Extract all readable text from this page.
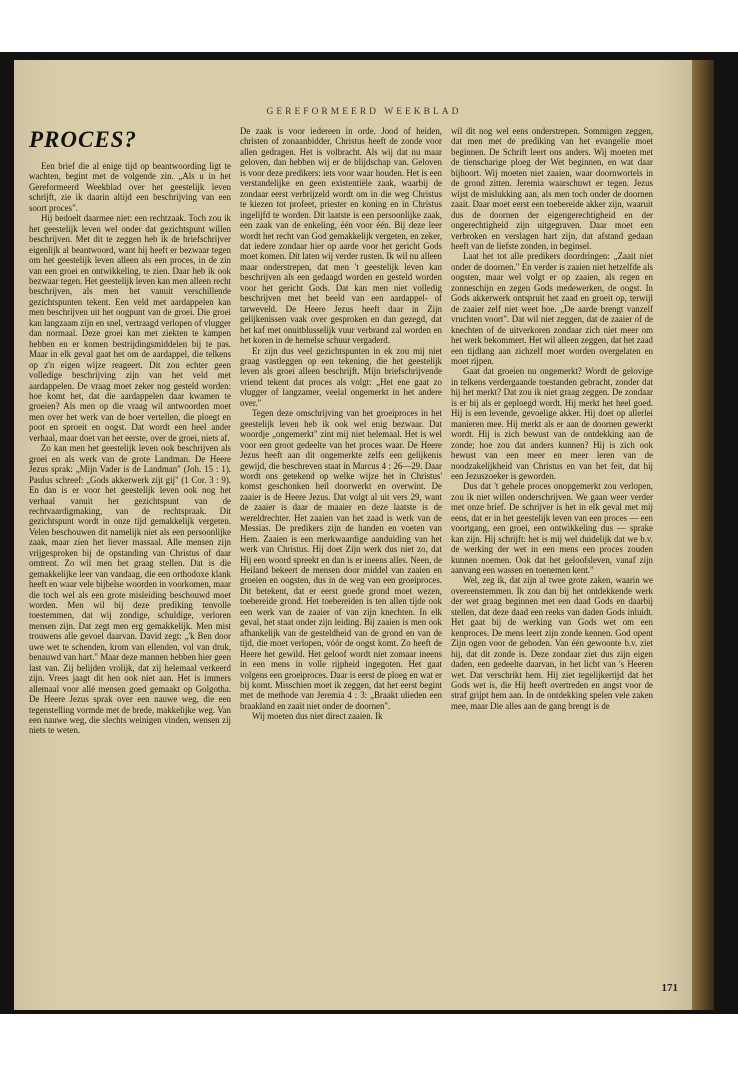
GEREFORMEERD WEEKBLAD
PROCES?

Een brief die al enige tijd op beantwoording ligt te wachten, begint met de volgende zin. „Als u in het Gereformeerd Weekblad over het geestelijk leven schrijft, zie ik daarin altijd een beschrijving van een soort proces".

Hij bedoelt daarmee niet: een rechtzaak. Toch zou ik het geestelijk leven wel onder dat gezichtspunt willen beschrijven. Met dit te zeggen heb ik de briefschrijver eigenlijk al beantwoord, want hij heeft er bezwaar tegen om het geestelijk leven alleen als een proces, in de zin van een groei en ontwikkeling, te zien. Daar heb ik ook bezwaar tegen. Het geestelijk leven kan men alleen recht beschrijven, als men het vanuit verschillende gezichtspunten tekent. Een veld met aardappelen kan men beschrijven uit het oogpunt van de groei. Die groei kan langzaam zijn en snel, vertraagd verlopen of vlugger dan normaal. Deze groei kan met ziekten te kampen hebben en er komen bestrijdingsmiddelen bij te pas. Maar in elk geval gaat het om de aardappel, die telkens op z'n eigen wijze reageert. Dit zou echter geen volledige beschrijving zijn van het veld met aardappelen. De vraag moet zeker nog gesteld worden: hoe komt het, dat die aardappelen daar kwamen te groeien? Als men op die vraag wil antwoorden moet men over het werk van de boer vertellen, die ploegt en poot en sproeit en oogst. Dat wordt een heel ander verhaal, maar doet van het eerste, over de groei, niets af.

Zo kan men het geestelijk leven ook beschrijven als groei en als werk van de grote Landman. De Heere Jezus sprak: „Mijn Vader is de Landman" (Joh. 15 : 1). Paulus schreef: „Gods akkerwerk zijt gij" (1 Cor. 3 : 9). En dan is er voor het geestelijk leven ook nog het verhaal vanuit het gezichtspunt van de rechtvaardigmaking, van de rechtspraak. Dit gezichtspunt wordt in onze tijd gemakkelijk vergeten. Velen beschouwen dit namelijk niet als een persoonlijke zaak, maar zien het liever massaal. Alle mensen zijn vrijgesproken bij de opstanding van Christus of daar omtrent. Zo wil men het graag stellen. Dat is die gemakkelijke leer van vandaag, die een orthodoxe klank heeft en waar vele bijbelse woorden in voorkomen, maar die toch wel als een grote misleiding beschouwd moet worden. Men wil bij deze prediking tenvolle toestemmen, dat wij zondige, schuldige, verloren mensen zijn. Dat zegt men erg gemakkelijk. Men mist trouwens alle gevoel daarvan. David zegt: „'k Ben door uwe wet te schenden, krom van ellenden, vol van druk, benauwd van hart." Maar deze mannen hebben hier geen last van. Zij belijden vrolijk, dat zij helemaal verkeerd zijn. Vrees jaagt dit hen ook niet aan. Het is immers allemaal voor allé mensen goed gemaakt op Golgotha. De Heere Jezus sprak over een nauwe weg, die een tegenstelling vormde met de brede, makkelijke weg. Van een nauwe weg, die slechts weinigen vinden, wensen zij niets te weten.

De zaak is voor iedereen in orde. Jood of heiden, christen of zonaanbidder, Christus heeft de zonde voor allen gedragen. Het is volbracht. Als wij dat nu maar geloven, dan hebben wij er de blijdschap van. Geloven is voor deze predikers: iets voor waar houden. Het is een verstandelijke en geen existentiële zaak, waarbij de zondaar eerst verbrijzeld wordt om in die weg Christus te kiezen tot profeet, priester en koning en in Christus ingelijfd te worden. Dit laatste is een persoonlijke zaak, een zaak van de enkeling, één voor één. Bij deze leer wordt het recht van God gemakkelijk vergeten, en zeker, dat iedere zondaar hier op aarde voor het gericht Gods moet komen. Dit laten wij verder rusten. Ik wil nu alleen maar onderstrepen, dat men 't geestelijk leven kan beschrijven als een gedaagd worden en gesteld worden voor het gericht Gods. Dat kan men niet volledig beschrijven met het beeld van een aardappel- of tarweveld. De Heere Jezus heeft daar in Zijn gelijkenissen vaak over gesproken en dan gezegd, dat het kaf met onuitblusselijk vuur verbrand zal worden en het koren in de hemelse schuur vergaderd.

Er zijn dus veel gezichtspunten in ek zou mij niet graag vastleggen op een tekening, die het geestelijk leven als groei alleen beschrijft. Mijn briefschrijvende vriend tekent dat proces als volgt: „Het ene gaat zo vlugger of langzamer, veelal ongemerkt in het andere over."

Tegen deze omschrijving van het groeiproces in het geestelijk leven heb ik ook wel enig bezwaar. Dat woordje „ongemerkt" zint mij niet helemaal. Het is wel voor een groot gedeelte van het proces waar. De Heere Jezus heeft aan dit ongemerkte zelfs een gelijkenis gewijd, die beschreven staat in Marcus 4 : 26—29. Daar wordt ons getekend op welke wijze het in Christus' komst geschonken heil doorwerkt en overwint. De zaaier is de Heere Jezus. Dat volgt al uit vers 29, want de zaaier is daar de maaier en deze laatste is de wereldrechter. Het zaaien van het zaad is werk van de Messias. De predikers zijn de handen en voeten van Hem. Zaaien is een merkwaardige aanduiding van het werk van Christus. Hij doet Zijn werk dus niet zo, dat Hij een woord spreekt en dan is er ineens alles. Neen, de Heiland bekeert de mensen door middel van zaaien en groeien en oogsten, dus in de weg van een groeiproces. Dit betekent, dat er eerst goede grond moet wezen, toebereide grond. Het toebereiden is ten allen tijde ook een werk van de zaaier of van zijn knechten. In elk geval, het staat onder zijn leiding. Bij zaaien is men ook afhankelijk van de gesteldheid van de grond en van de tijd, die moet verlopen, vóór de oogst komt. Zo heeft de Heere het gewild. Het geloof wordt niet zomaar ineens in een mens in volle rijpheid ingegoten. Het gaat volgens een groeiproces. Daar is eerst de ploeg en wat er bij komt. Misschien moet ik zeggen, dat het eerst begint met de methode van Jeremia 4 : 3: „Braakt ulieden een braakland en zaait niet onder de doornen".

Wij moeten dus niet direct zaaien. Ik

wil dit nog wel eens onderstrepen. Sommigen zeggen, dat men met de prediking van het evangelie moet beginnen. De Schrift leert ons anders. Wij moeten met de tienscharige ploeg der Wet beginnen, en wat daar bijhoort. Wij moeten niet zaaien, waar doornwortels in de grond zitten. Jeremia waarschuwt er tegen. Jezus wijst de mislukking aan, als men toch onder de doornen zaait. Daar moet eerst een toebereide akker zijn, waaruit dus de doornen der eigengerechtigheid en der ongerechtigheid zijn uitgegraven. Daar moet een verbroken en verslagen hart zijn, dat afstand gedaan heeft van de liefste zonden, in beginsel.

Laat het tot alle predikers doordringen: „Zaait niet onder de doornen." En verder is zaaien niet hetzelfde als oogsten, maar wel volgt er op zaaien, als regen en zonneschijn en zegen Gods medewerken, de oogst. In Gods akkerwerk ontspruit het zaad en groeit op, terwijl de zaaier zelf niet weet hoe. „De aarde brengt vanzelf vruchten voort". Dat wil niet zeggen, dat de zaaier of de knechten of de uitverkoren zondaar zich niet meer om het werk bekommert. Het wil alleen zeggen, dat het zaad een tijdlang aan zichzelf moet worden overgelaten en moet rijpen.

Gaat dat groeien nu ongemerkt? Wordt de gelovige in telkens verdergaande toestanden gebracht, zonder dat hij het merkt? Dat zou ik niet graag zeggen. De zondaar is er bij als er geploegd wordt. Hij merkt het heel goed. Hij is een levende, gevoelige akker. Hij doet op allerlei manieren mee. Hij merkt als er aan de doornen gewerkt wordt. Hij is zich bewust van de ontdekking aan de zonde; hoe zou dat anders kunnen? Hij is zich ook bewust van een meer en meer leren van de noodzakelijkheid van Christus en van het feit, dat hij een Jezuszoeker is geworden.

Dus dat 't gehele proces onopgemerkt zou verlopen, zou ik niet willen onderschrijven. We gaan weer verder met onze brief. De schrijver is het in elk geval met mij eens, dat er in het geestelijk leven van een proces — een voortgang, een groei, een ontwikkeling dus — sprake kan zijn. Hij schrijft: het is mij wel duidelijk dat we b.v. de werking der wet in een mens een proces zouden kunnen noemen. Ook dat het geloofsleven, vanaf zijn aanvang een wassen en toenemen kent."

Wel, zeg ik, dat zijn al twee grote zaken, waarin we overeenstemmen. Ik zou dan bij het ontdekkende werk der wet graag beginnen met een daad Gods en daarbij stellen, dat deze daad een reeks van daden Gods inluidt. Het gaat bij de werking van Gods wet om een kenproces. De mens leert zijn zonde kennen. God opent Zijn ogen voor de geboden. Van één gewoonte b.v. ziet hij, dat dit zonde is. Deze zondaar ziet dus zijn eigen daden, een gedeelte daarvan, in het licht van 's Heeren wet. Dat verschrikt hem. Hij ziet tegelijkertijd dat het Gods wet is, die Hij heeft overtreden en angst voor de straf grijpt hem aan. In de ontdekking spelen vele zaken mee, maar Die alles aan de gang brengt is de

171
